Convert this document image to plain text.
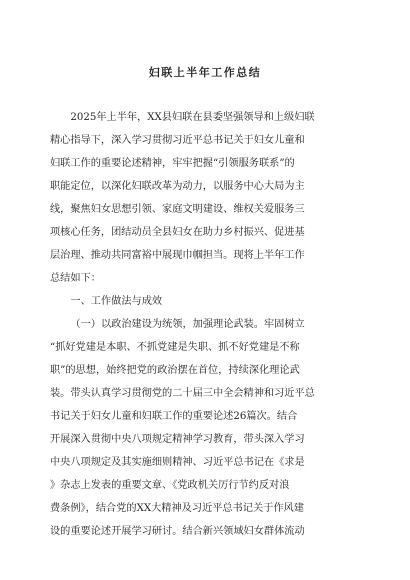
妇联上半年工作总结
2025年上半年，XX县妇联在县委坚强领导和上级妇联
精心指导下，深入学习贯彻习近平总书记关于妇女儿童和
妇联工作的重要论述精神，牢牢把握“引领服务联系”的
职能定位，以深化妇联改革为动力，以服务中心大局为主
线，聚焦妇女思想引领、家庭文明建设、维权关爱服务三
项核心任务，团结动员全县妇女在助力乡村振兴、促进基
层治理、推动共同富裕中展现巾帼担当。现将上半年工作
总结如下：
一、工作做法与成效
（一）以政治建设为统领，加强理论武装。牢固树立
“抓好党建是本职、不抓党建是失职、抓不好党建是不称
职”的思想，始终把党的政治摆在首位，持续深化理论武
装。带头认真学习贯彻党的二十届三中全会精神和习近平总
书记关于妇女儿童和妇联工作的重要论述26篇次。结合
开展深入贯彻中央八项规定精神学习教育，带头深入学习
中央八项规定及其实施细则精神、习近平总书记在《求是
》杂志上发表的重要文章、《党政机关厉行节约反对浪
费条例》，结合党的XX大精神及习近平总书记关于作风建
设的重要论述开展学习研讨。结合新兴领域妇女群体流动
